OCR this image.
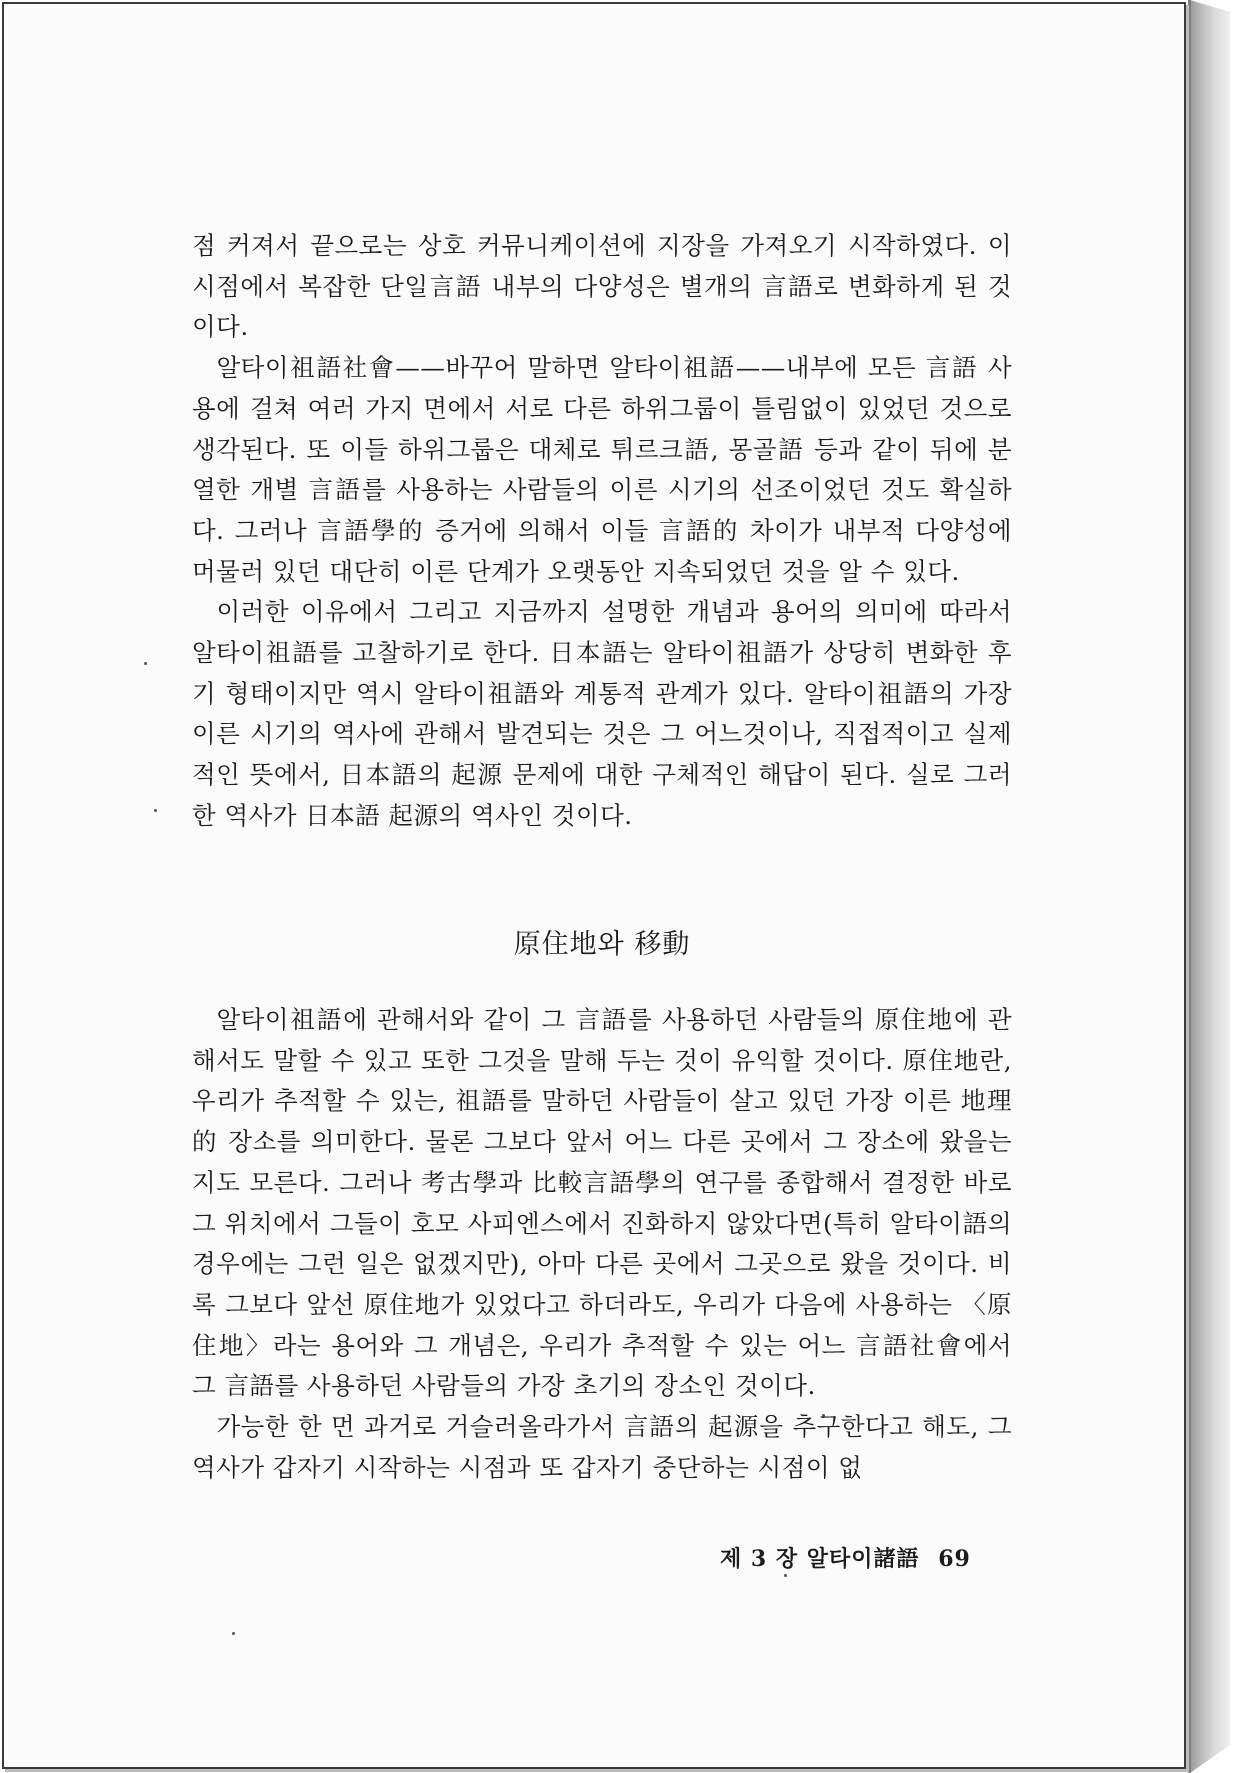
점 커져서 끝으로는 상호 커뮤니케이션에 지장을 가져오기 시작하였다. 이 시점에서 복잡한 단일言語 내부의 다양성은 별개의 言語로 변화하게 된 것이다.

알타이祖語社會——바꾸어 말하면 알타이祖語——내부에 모든 言語 사용에 걸쳐 여러 가지 면에서 서로 다른 하위그룹이 틀림없이 있었던 것으로 생각된다. 또 이들 하위그룹은 대체로 튀르크語, 몽골語 등과 같이 뒤에 분열한 개별 言語를 사용하는 사람들의 이른 시기의 선조이었던 것도 확실하다. 그러나 言語學的 증거에 의해서 이들 言語的 차이가 내부적 다양성에 머물러 있던 대단히 이른 단계가 오랫동안 지속되었던 것을 알 수 있다.

이러한 이유에서 그리고 지금까지 설명한 개념과 용어의 의미에 따라서 알타이祖語를 고찰하기로 한다. 日本語는 알타이祖語가 상당히 변화한 후기 형태이지만 역시 알타이祖語와 계통적 관계가 있다. 알타이祖語의 가장 이른 시기의 역사에 관해서 발견되는 것은 그 어느것이나, 직접적이고 실제적인 뜻에서, 日本語의 起源 문제에 대한 구체적인 해답이 된다. 실로 그러한 역사가 日本語 起源의 역사인 것이다.

原住地와 移動

알타이祖語에 관해서와 같이 그 言語를 사용하던 사람들의 原住地에 관해서도 말할 수 있고 또한 그것을 말해 두는 것이 유익할 것이다. 原住地란, 우리가 추적할 수 있는, 祖語를 말하던 사람들이 살고 있던 가장 이른 地理的 장소를 의미한다. 물론 그보다 앞서 어느 다른 곳에서 그 장소에 왔을는지도 모른다. 그러나 考古學과 比較言語學의 연구를 종합해서 결정한 바로 그 위치에서 그들이 호모 사피엔스에서 진화하지 않았다면(특히 알타이語의 경우에는 그런 일은 없겠지만), 아마 다른 곳에서 그곳으로 왔을 것이다. 비록 그보다 앞선 原住地가 있었다고 하더라도, 우리가 다음에 사용하는 〈原住地〉라는 용어와 그 개념은, 우리가 추적할 수 있는 어느 言語社會에서 그 言語를 사용하던 사람들의 가장 초기의 장소인 것이다.

가능한 한 먼 과거로 거슬러올라가서 言語의 起源을 추구한다고 해도, 그 역사가 갑자기 시작하는 시점과 또 갑자기 중단하는 시점이 없

제 3 장 알타이諸語 69
